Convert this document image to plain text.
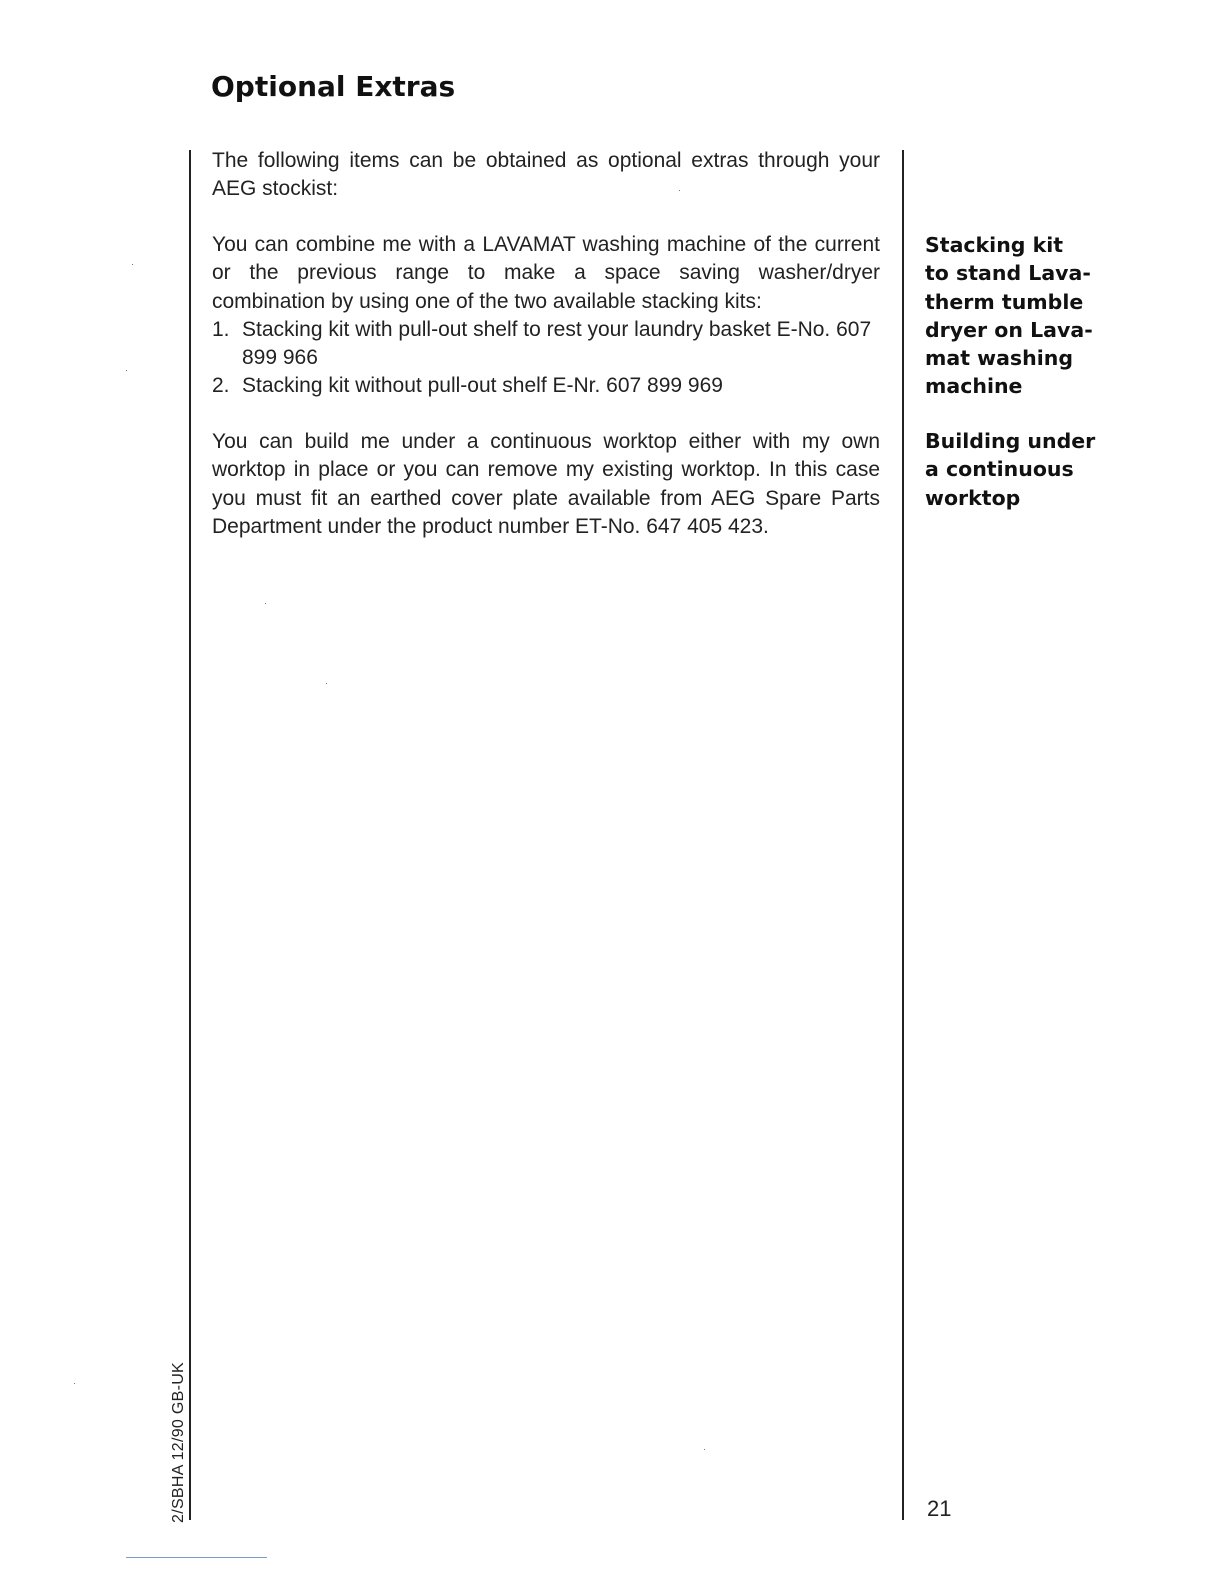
Optional Extras

The following items can be obtained as optional extras through your AEG stockist:

You can combine me with a LAVAMAT washing machine of the current or the previous range to make a space saving washer/dryer combination by using one of the two available stacking kits:

1. Stacking kit with pull-out shelf to rest your laundry basket E-No. 607 899 966
2. Stacking kit without pull-out shelf E-Nr. 607 899 969

You can build me under a continuous worktop either with my own worktop in place or you can remove my existing worktop. In this case you must fit an earthed cover plate available from AEG Spare Parts Department under the product number ET-No. 647 405 423.

Stacking kit
to stand Lava-
therm tumble
dryer on Lava-
mat washing
machine
Building under
a continuous
worktop
2/SBHA 12/90 GB-UK	21
